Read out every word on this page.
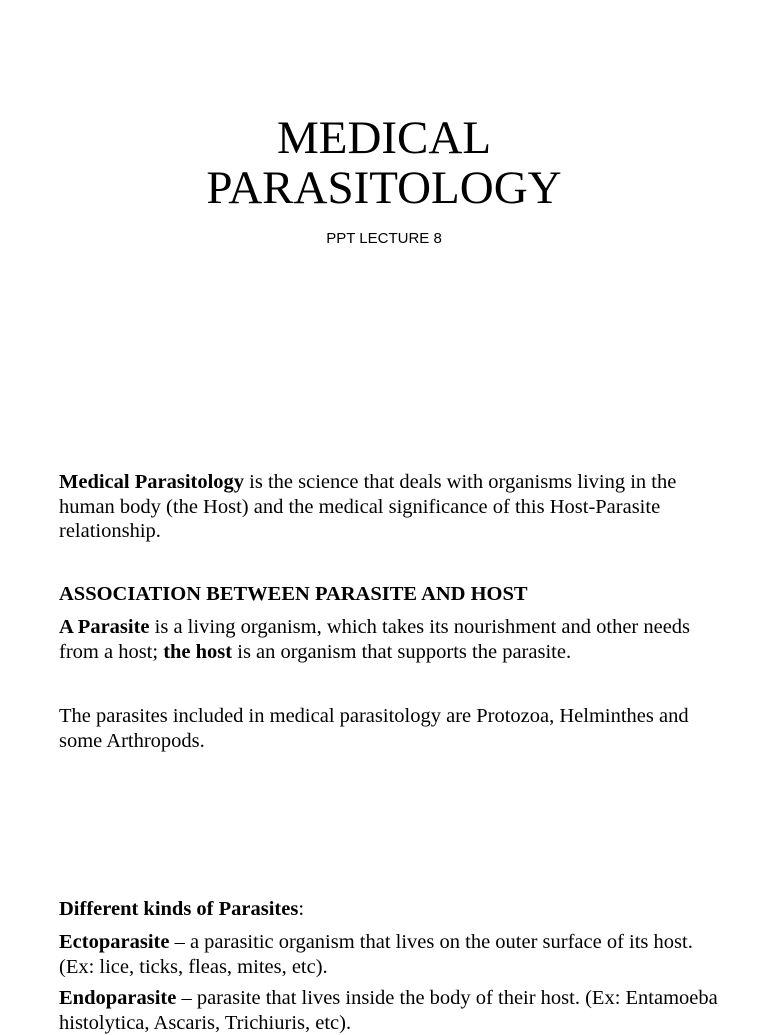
MEDICAL
PARASITOLOGY

PPT LECTURE 8

Medical Parasitology is the science that deals with organisms living in the human body (the Host) and the medical significance of this Host-Parasite relationship.

ASSOCIATION BETWEEN PARASITE AND HOST

A Parasite is a living organism, which takes its nourishment and other needs from a host; the host is an organism that supports the parasite.

The parasites included in medical parasitology are Protozoa, Helminthes and some Arthropods.

Different kinds of Parasites:

Ectoparasite – a parasitic organism that lives on the outer surface of its host. (Ex: lice, ticks, fleas, mites, etc).

Endoparasite – parasite that lives inside the body of their host. (Ex: Entamoeba histolytica, Ascaris, Trichiuris, etc).
